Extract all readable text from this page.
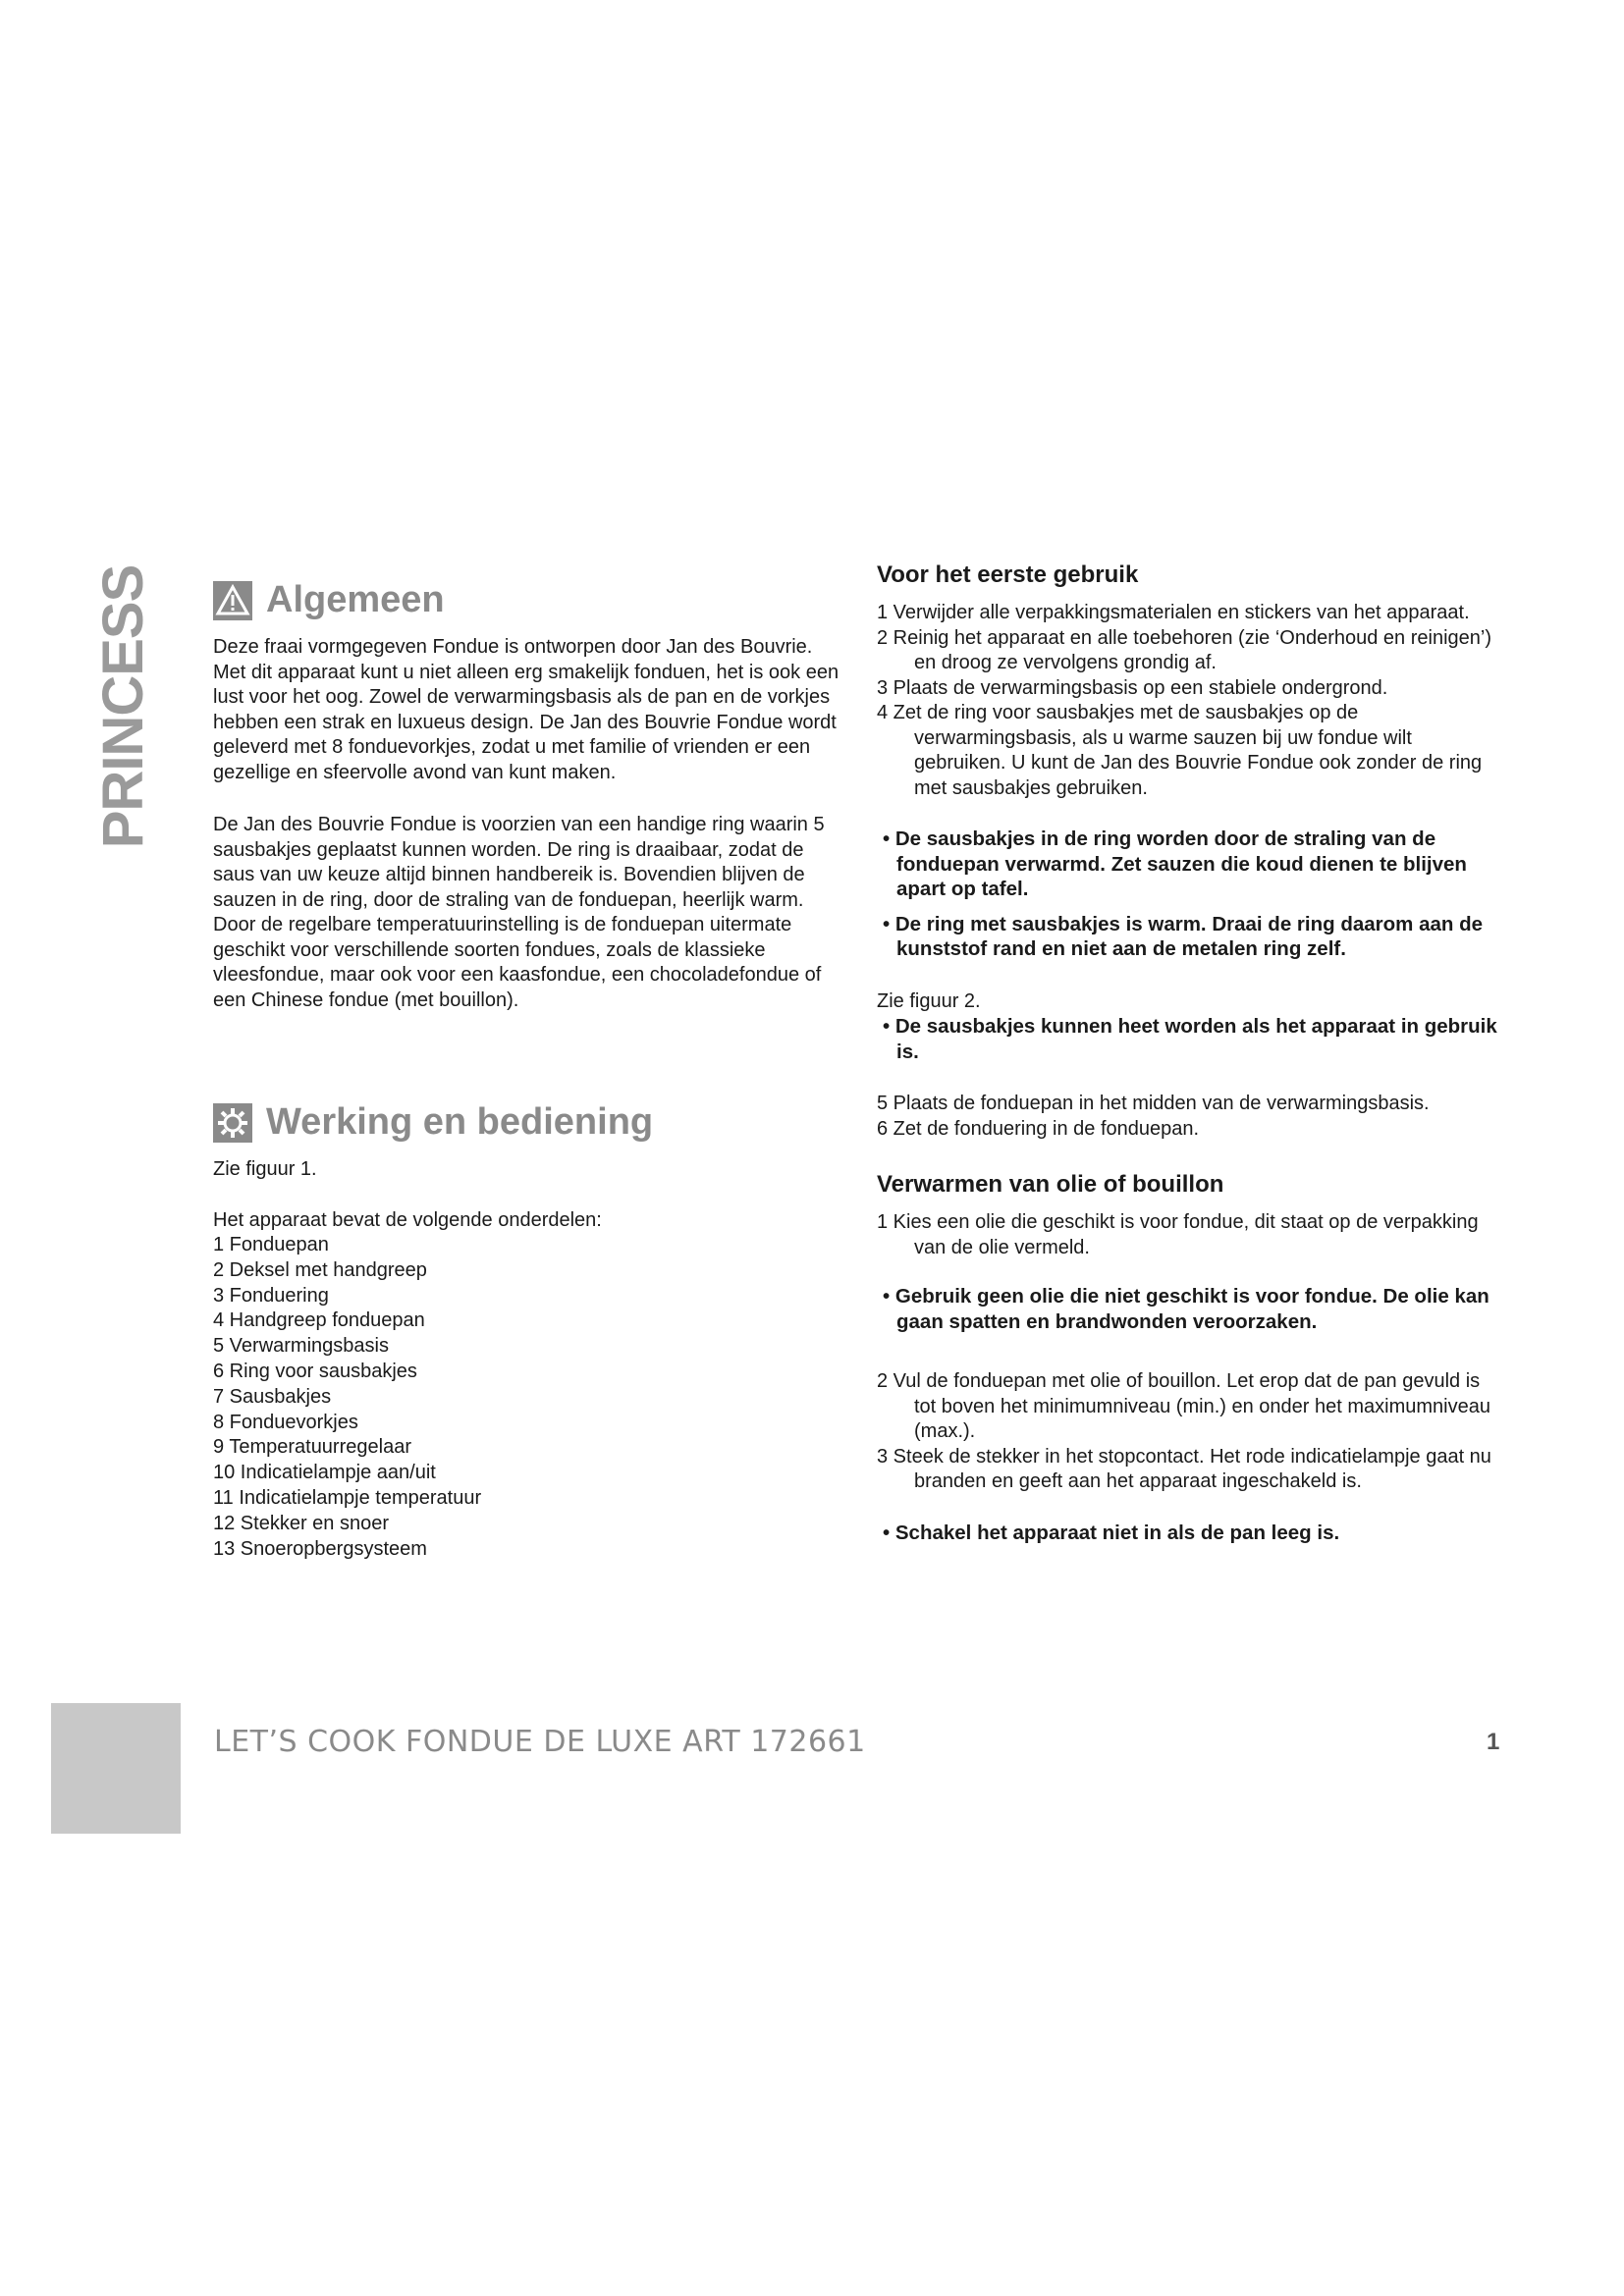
PRINCESS	Algemeen

Deze fraai vormgegeven Fondue is ontworpen door Jan des Bouvrie. Met dit apparaat kunt u niet alleen erg smakelijk fonduen, het is ook een lust voor het oog. Zowel de verwarmingsbasis als de pan en de vorkjes hebben een strak en luxueus design. De Jan des Bouvrie Fondue wordt geleverd met 8 fonduevorkjes, zodat u met familie of vrienden er een gezellige en sfeervolle avond van kunt maken.

De Jan des Bouvrie Fondue is voorzien van een handige ring waarin 5 sausbakjes geplaatst kunnen worden. De ring is draaibaar, zodat de saus van uw keuze altijd binnen handbereik is. Bovendien blijven de sauzen in de ring, door de straling van de fonduepan, heerlijk warm. Door de regelbare temperatuurinstelling is de fonduepan uitermate geschikt voor verschillende soorten fondues, zoals de klassieke vleesfondue, maar ook voor een kaasfondue, een chocoladefondue of een Chinese fondue (met bouillon).

Werking en bediening

Zie figuur 1.

Het apparaat bevat de volgende onderdelen:

1 Fonduepan
2 Deksel met handgreep
3 Fonduering
4 Handgreep fonduepan
5 Verwarmingsbasis
6 Ring voor sausbakjes
7 Sausbakjes
8 Fonduevorkjes
9 Temperatuurregelaar
10 Indicatielampje aan/uit
11 Indicatielampje temperatuur
12 Stekker en snoer
13 Snoeropbergsysteem
Voor het eerste gebruik
1 Verwijder alle verpakkingsmaterialen en stickers van het apparaat.
2 Reinig het apparaat en alle toebehoren (zie ‘Onderhoud en reinigen’) en droog ze vervolgens grondig af.
3 Plaats de verwarmingsbasis op een stabiele ondergrond.
4 Zet de ring voor sausbakjes met de sausbakjes op de verwarmingsbasis, als u warme sauzen bij uw fondue wilt gebruiken. U kunt de Jan des Bouvrie Fondue ook zonder de ring met sausbakjes gebruiken.

• De sausbakjes in de ring worden door de straling van de fonduepan verwarmd. Zet sauzen die koud dienen te blijven apart op tafel.

• De ring met sausbakjes is warm. Draai de ring daarom aan de kunststof rand en niet aan de metalen ring zelf.

Zie figuur 2.

• De sausbakjes kunnen heet worden als het apparaat in gebruik is.

5 Plaats de fonduepan in het midden van de verwarmingsbasis.
6 Zet de fonduering in de fonduepan.
Verwarmen van olie of bouillon
1 Kies een olie die geschikt is voor fondue, dit staat op de verpakking van de olie vermeld.

• Gebruik geen olie die niet geschikt is voor fondue. De olie kan gaan spatten en brandwonden veroorzaken.

2 Vul de fonduepan met olie of bouillon. Let erop dat de pan gevuld is tot boven het minimumniveau (min.) en onder het maximumniveau (max.).
3 Steek de stekker in het stopcontact. Het rode indicatielampje gaat nu branden en geeft aan het apparaat ingeschakeld is.

• Schakel het apparaat niet in als de pan leeg is.

LET’S COOK FONDUE DE LUXE ART 172661	1
